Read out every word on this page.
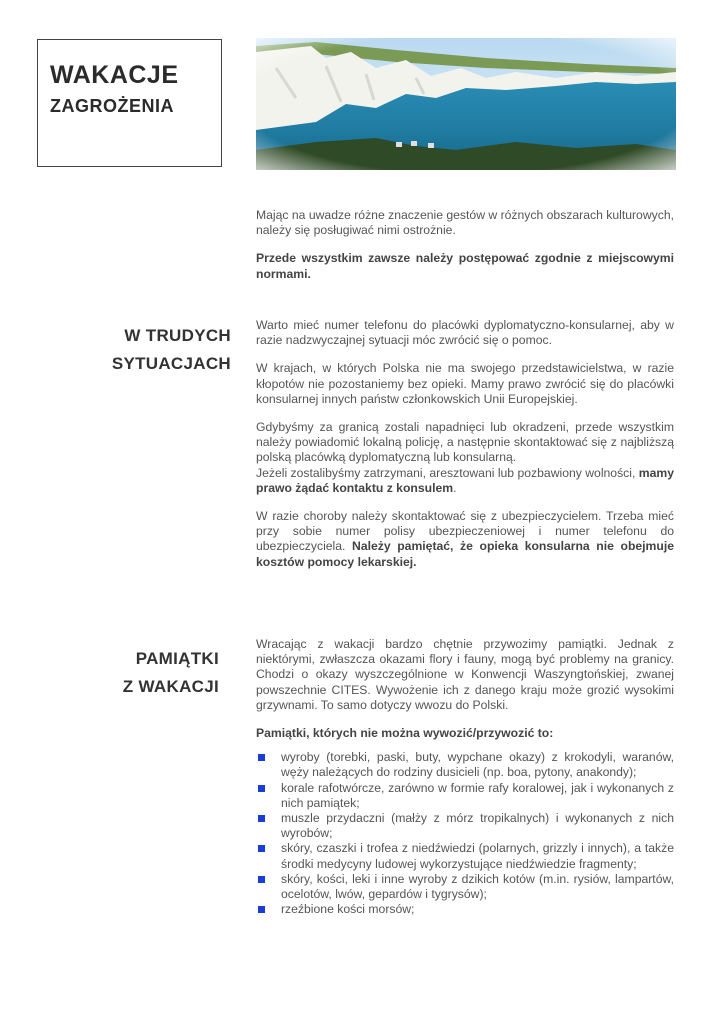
WAKACJE
ZAGROŻENIA

Mając na uwadze różne znaczenie gestów w różnych obszarach kulturowych, należy się posługiwać nimi ostrożnie.

Przede wszystkim zawsze należy postępować zgodnie z miejscowymi normami.

W TRUDYCH
SYTUACJACH

Warto mieć numer telefonu do placówki dyplomatyczno-konsularnej, aby w razie nadzwyczajnej sytuacji móc zwrócić się o pomoc.

W krajach, w których Polska nie ma swojego przedstawicielstwa, w razie kłopotów nie pozostaniemy bez opieki. Mamy prawo zwrócić się do placówki konsularnej innych państw członkowskich Unii Europejskiej.

Gdybyśmy za granicą zostali napadnięci lub okradzeni, przede wszystkim należy powiadomić lokalną policję, a następnie skontaktować się z najbliższą polską placówką dyplomatyczną lub konsularną.

Jeżeli zostalibyśmy zatrzymani, aresztowani lub pozbawiony wolności, mamy prawo żądać kontaktu z konsulem.

W razie choroby należy skontaktować się z ubezpieczycielem. Trzeba mieć przy sobie numer polisy ubezpieczeniowej i numer telefonu do ubezpieczyciela. Należy pamiętać, że opieka konsularna nie obejmuje kosztów pomocy lekarskiej.

PAMIĄTKI
Z WAKACJI

Wracając z wakacji bardzo chętnie przywozimy pamiątki. Jednak z niektórymi, zwłaszcza okazami flory i fauny, mogą być problemy na granicy. Chodzi o okazy wyszczególnione w Konwencji Waszyngtońskiej, zwanej powszechnie CITES. Wywożenie ich z danego kraju może grozić wysokimi grzywnami. To samo dotyczy wwozu do Polski.

Pamiątki, których nie można wywozić/przywozić to:

wyroby (torebki, paski, buty, wypchane okazy) z krokodyli, waranów, węży należących do rodziny dusicieli (np. boa, pytony, anakondy);
korale rafotwórcze, zarówno w formie rafy koralowej, jak i wykonanych z nich pamiątek;
muszle przydaczni (małży z mórz tropikalnych) i wykonanych z nich wyrobów;
skóry, czaszki i trofea z niedźwiedzi (polarnych, grizzly i innych), a także środki medycyny ludowej wykorzystujące niedźwiedzie fragmenty;
skóry, kości, leki i inne wyroby z dzikich kotów (m.in. rysiów, lampartów, ocelotów, lwów, gepardów i tygrysów);
rzeźbione kości morsów;
